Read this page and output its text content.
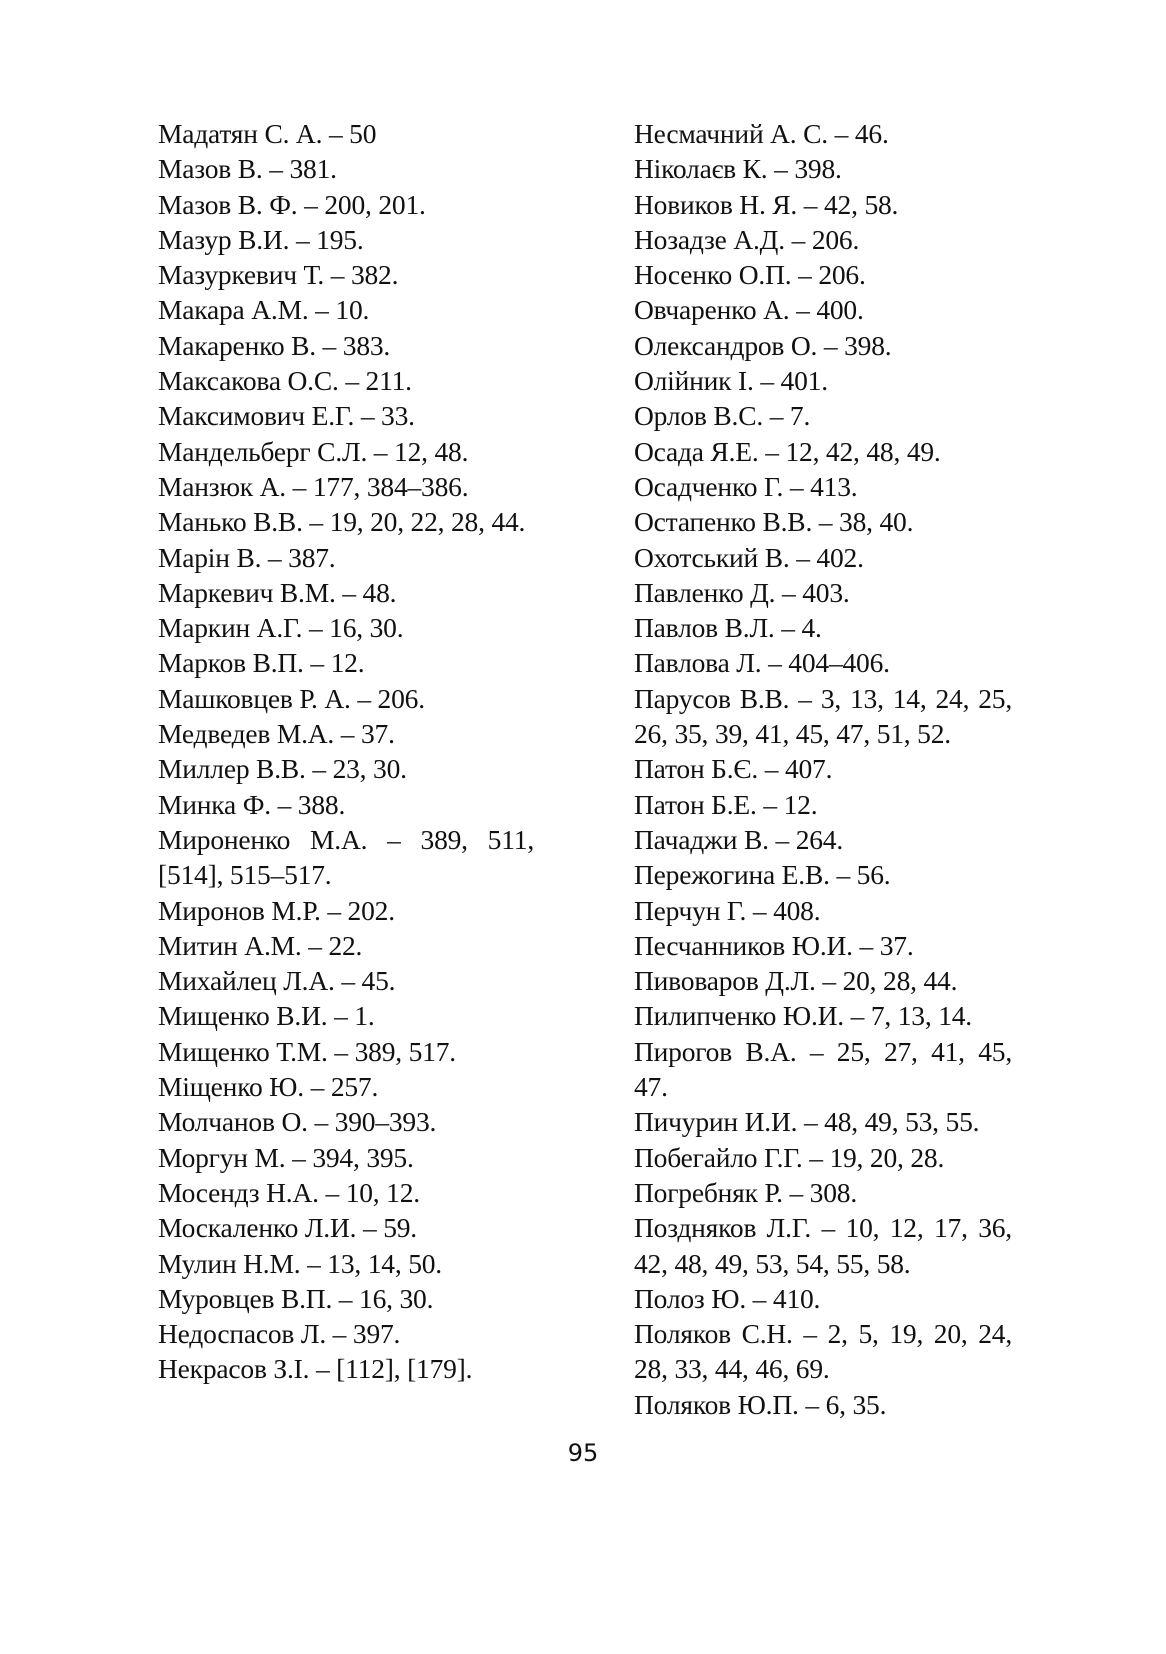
Мадатян С. А. – 50
Мазов В. – 381.
Мазов В. Ф. – 200, 201.
Мазур В.И. – 195.
Мазуркевич Т. – 382.
Макара А.М. – 10.
Макаренко В. – 383.
Максакова О.С. – 211.
Максимович Е.Г. – 33.
Мандельберг С.Л. – 12, 48.
Манзюк А. – 177, 384–386.
Манько В.В. – 19, 20, 22, 28, 44.
Марін В. – 387.
Маркевич В.М. – 48.
Маркин А.Г. – 16, 30.
Марков В.П. – 12.
Машковцев Р. А. – 206.
Медведев М.А. – 37.
Миллер В.В. – 23, 30.
Минка Ф. – 388.
Мироненко М.А. – 389, 511, [514], 515–517.
Миронов М.Р. – 202.
Митин А.М. – 22.
Михайлец Л.А. – 45.
Мищенко В.И. – 1.
Мищенко Т.М. – 389, 517.
Міщенко Ю. – 257.
Молчанов О. – 390–393.
Моргун М. – 394, 395.
Мосендз Н.А. – 10, 12.
Москаленко Л.И. – 59.
Мулин Н.М. – 13, 14, 50.
Муровцев В.П. – 16, 30.
Недоспасов Л. – 397.
Некрасов З.І. – [112], [179].
Несмачний А. С. – 46.
Ніколаєв К. – 398.
Новиков Н. Я. – 42, 58.
Нозадзе А.Д. – 206.
Носенко О.П. – 206.
Овчаренко А. – 400.
Олександров О. – 398.
Олійник І. – 401.
Орлов В.С. – 7.
Осада Я.Е. – 12, 42, 48, 49.
Осадченко Г. – 413.
Остапенко В.В. – 38, 40.
Охотський В. – 402.
Павленко Д. – 403.
Павлов В.Л. – 4.
Павлова Л. – 404–406.
Парусов В.В. – 3, 13, 14, 24, 25, 26, 35, 39, 41, 45, 47, 51, 52.
Патон Б.Є. – 407.
Патон Б.Е. – 12.
Пачаджи В. – 264.
Пережогина Е.В. – 56.
Перчун Г. – 408.
Песчанников Ю.И. – 37.
Пивоваров Д.Л. – 20, 28, 44.
Пилипченко Ю.И. – 7, 13, 14.
Пирогов В.А. – 25, 27, 41, 45, 47.
Пичурин И.И. – 48, 49, 53, 55.
Побегайло Г.Г. – 19, 20, 28.
Погребняк Р. – 308.
Поздняков Л.Г. – 10, 12, 17, 36, 42, 48, 49, 53, 54, 55, 58.
Полоз Ю. – 410.
Поляков С.Н. – 2, 5, 19, 20, 24, 28, 33, 44, 46, 69.
Поляков Ю.П. – 6, 35.
95
